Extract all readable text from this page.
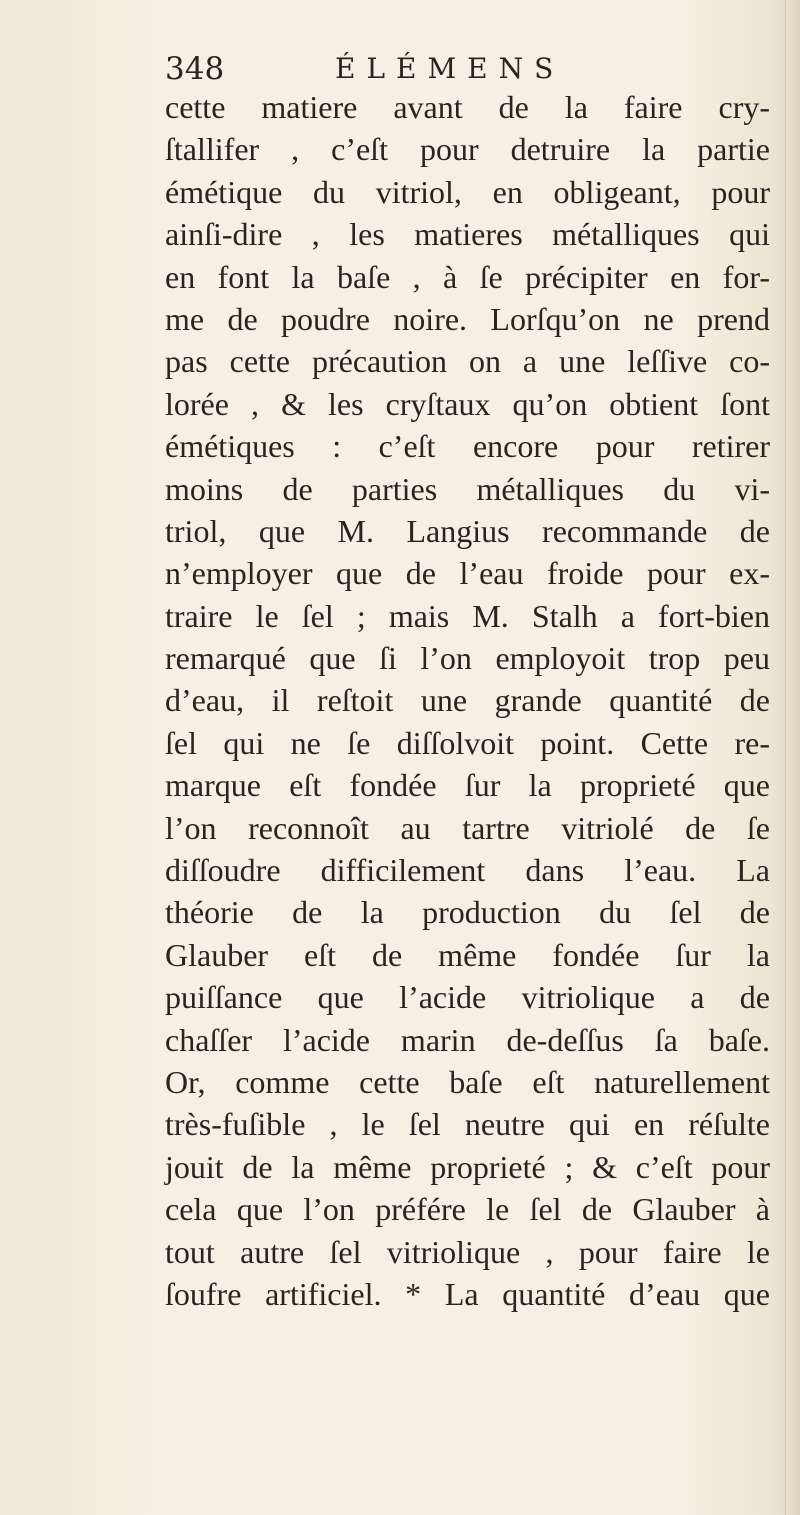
348	ÉLÉMENS
cette matiere avant de la faire cry-
ſtallifer , c’eſt pour detruire la partie
émétique du vitriol, en obligeant, pour
ainſi-dire , les matieres métalliques qui
en font la baſe , à ſe précipiter en for-
me de poudre noire. Lorſqu’on ne prend
pas cette précaution on a une leſſive co-
lorée , & les cryſtaux qu’on obtient ſont
émétiques : c’eſt encore pour retirer
moins de parties métalliques du vi-
triol, que M. Langius recommande de
n’employer que de l’eau froide pour ex-
traire le ſel ; mais M. Stalh a fort-bien
remarqué que ſi l’on employoit trop peu
d’eau, il reſtoit une grande quantité de
ſel qui ne ſe diſſolvoit point. Cette re-
marque eſt fondée ſur la proprieté que
l’on reconnoît au tartre vitriolé de ſe
diſſoudre difficilement dans l’eau. La
théorie de la production du ſel de
Glauber eſt de même fondée ſur la
puiſſance que l’acide vitriolique a de
chaſſer l’acide marin de-deſſus ſa baſe.
Or, comme cette baſe eſt naturellement
très-fuſible , le ſel neutre qui en réſulte
jouit de la même proprieté ; & c’eſt pour
cela que l’on préfére le ſel de Glauber à
tout autre ſel vitriolique , pour faire le
ſoufre artificiel. * La quantité d’eau que
